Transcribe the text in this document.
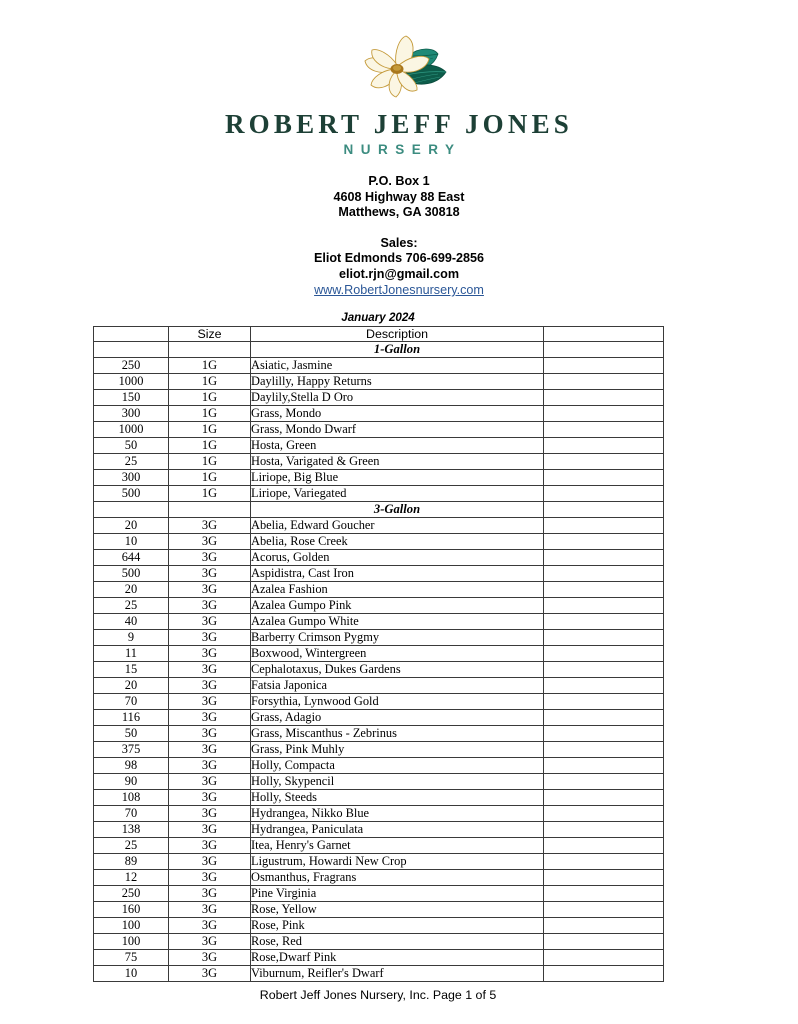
ROBERT JEFF JONES
NURSERY
P.O. Box 1
4608 Highway 88 East
Matthews, GA 30818
Sales:
Eliot Edmonds 706-699-2856
eliot.rjn@gmail.com
www.RobertJonesnursery.com
January 2024
	Size	Description	
		1-Gallon	
250	1G	Asiatic, Jasmine	
1000	1G	Daylilly, Happy Returns	
150	1G	Daylily,Stella D Oro	
300	1G	Grass, Mondo	
1000	1G	Grass, Mondo Dwarf	
50	1G	Hosta, Green	
25	1G	Hosta, Varigated & Green	
300	1G	Liriope, Big Blue	
500	1G	Liriope, Variegated	
		3-Gallon	
20	3G	Abelia, Edward Goucher	
10	3G	Abelia, Rose Creek	
644	3G	Acorus, Golden	
500	3G	Aspidistra, Cast Iron	
20	3G	Azalea Fashion	
25	3G	Azalea Gumpo Pink	
40	3G	Azalea Gumpo White	
9	3G	Barberry Crimson Pygmy	
11	3G	Boxwood, Wintergreen	
15	3G	Cephalotaxus, Dukes Gardens	
20	3G	Fatsia Japonica	
70	3G	Forsythia, Lynwood Gold	
116	3G	Grass, Adagio	
50	3G	Grass, Miscanthus - Zebrinus	
375	3G	Grass, Pink Muhly	
98	3G	Holly, Compacta	
90	3G	Holly, Skypencil	
108	3G	Holly, Steeds	
70	3G	Hydrangea, Nikko Blue	
138	3G	Hydrangea, Paniculata	
25	3G	Itea, Henry's Garnet	
89	3G	Ligustrum, Howardi New Crop	
12	3G	Osmanthus, Fragrans	
250	3G	Pine Virginia	
160	3G	Rose, Yellow	
100	3G	Rose, Pink	
100	3G	Rose, Red	
75	3G	Rose,Dwarf Pink	
10	3G	Viburnum, Reifler's Dwarf	
Robert Jeff Jones Nursery, Inc. Page 1 of 5
